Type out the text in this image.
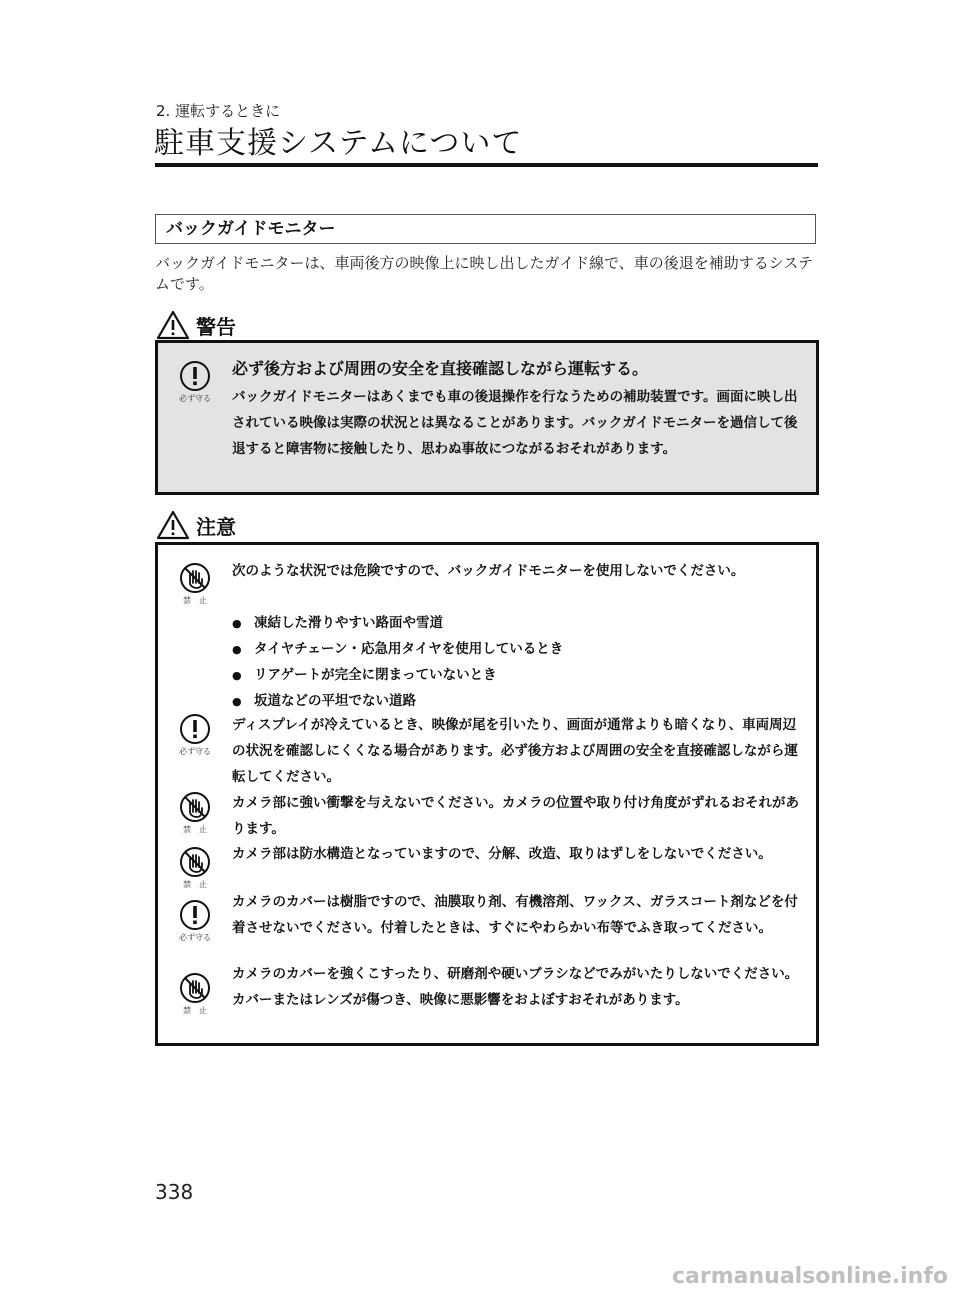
2. 運転するときに
駐車支援システムについて
バックガイドモニター
バックガイドモニターは、車両後方の映像上に映し出したガイド線で、車の後退を補助するシステムです。
警告
必ず守る
必ず後方および周囲の安全を直接確認しながら運転する。
バックガイドモニターはあくまでも車の後退操作を行なうための補助装置です。画面に映し出されている映像は実際の状況とは異なることがあります。バックガイドモニターを過信して後退すると障害物に接触したり、思わぬ事故につながるおそれがあります。
注意
禁　止
次のような状況では危険ですので、バックガイドモニターを使用しないでください。
● 凍結した滑りやすい路面や雪道
● タイヤチェーン・応急用タイヤを使用しているとき
● リアゲートが完全に閉まっていないとき
● 坂道などの平坦でない道路
必ず守る
ディスプレイが冷えているとき、映像が尾を引いたり、画面が通常よりも暗くなり、車両周辺の状況を確認しにくくなる場合があります。必ず後方および周囲の安全を直接確認しながら運転してください。
禁　止
カメラ部に強い衝撃を与えないでください。カメラの位置や取り付け角度がずれるおそれがあります。
禁　止
カメラ部は防水構造となっていますので、分解、改造、取りはずしをしないでください。
必ず守る
カメラのカバーは樹脂ですので、油膜取り剤、有機溶剤、ワックス、ガラスコート剤などを付着させないでください。付着したときは、すぐにやわらかい布等でふき取ってください。
禁　止
カメラのカバーを強くこすったり、研磨剤や硬いブラシなどでみがいたりしないでください。カバーまたはレンズが傷つき、映像に悪影響をおよぼすおそれがあります。
338
carmanualsonline.info
